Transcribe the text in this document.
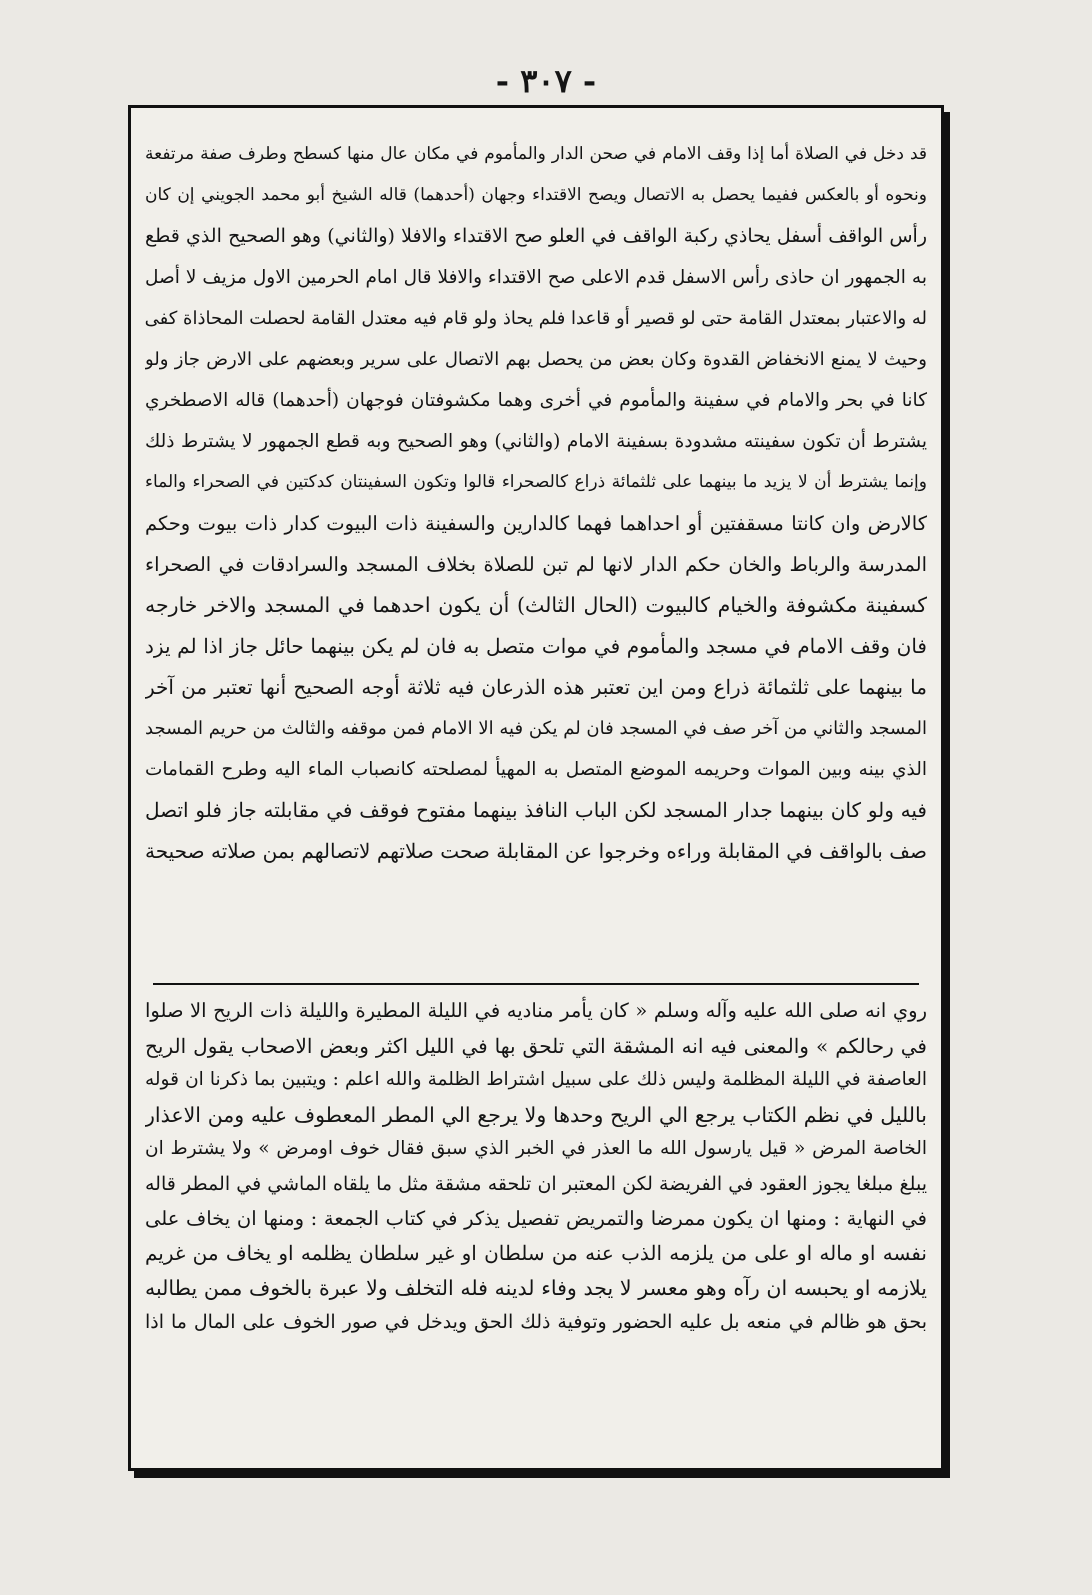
- ٣٠٧ -
قد دخل في الصلاة أما إذا وقف الامام في صحن الدار والمأموم في مكان عال منها كسطح وطرف صفة مرتفعة
ونحوه أو بالعكس ففيما يحصل به الاتصال ويصح الاقتداء وجهان (أحدهما) قاله الشيخ أبو محمد الجويني إن كان
رأس الواقف أسفل يحاذي ركبة الواقف في العلو صح الاقتداء والافلا (والثاني) وهو الصحيح الذي قطع
به الجمهور ان حاذى رأس الاسفل قدم الاعلى صح الاقتداء والافلا قال امام الحرمين الاول مزيف لا أصل
له والاعتبار بمعتدل القامة حتى لو قصير أو قاعدا فلم يحاذ ولو قام فيه معتدل القامة لحصلت المحاذاة كفى
وحيث لا يمنع الانخفاض القدوة وكان بعض من يحصل بهم الاتصال على سرير وبعضهم على الارض جاز ولو
كانا في بحر والامام في سفينة والمأموم في أخرى وهما مكشوفتان فوجهان (أحدهما) قاله الاصطخري
يشترط أن تكون سفينته مشدودة بسفينة الامام (والثاني) وهو الصحيح وبه قطع الجمهور لا يشترط ذلك
وإنما يشترط أن لا يزيد ما بينهما على ثلثمائة ذراع كالصحراء قالوا وتكون السفينتان كدكتين في الصحراء والماء
كالارض وان كانتا مسقفتين أو احداهما فهما كالدارين والسفينة ذات البيوت كدار ذات بيوت وحكم
المدرسة والرباط والخان حكم الدار لانها لم تبن للصلاة بخلاف المسجد والسرادقات في الصحراء
كسفينة مكشوفة والخيام كالبيوت (الحال الثالث) أن يكون احدهما في المسجد والاخر خارجه
فان وقف الامام في مسجد والمأموم في موات متصل به فان لم يكن بينهما حائل جاز اذا لم يزد
ما بينهما على ثلثمائة ذراع ومن اين تعتبر هذه الذرعان فيه ثلاثة أوجه الصحيح أنها تعتبر من آخر
المسجد والثاني من آخر صف في المسجد فان لم يكن فيه الا الامام فمن موقفه والثالث من حريم المسجد
الذي بينه وبين الموات وحريمه الموضع المتصل به المهيأ لمصلحته كانصباب الماء اليه وطرح القمامات
فيه ولو كان بينهما جدار المسجد لكن الباب النافذ بينهما مفتوح فوقف في مقابلته جاز فلو اتصل
صف بالواقف في المقابلة وراءه وخرجوا عن المقابلة صحت صلاتهم لاتصالهم بمن صلاته صحيحة
روي انه صلى الله عليه وآله وسلم « كان يأمر مناديه في الليلة المطيرة والليلة ذات الريح الا صلوا
في رحالكم » والمعنى فيه انه المشقة التي تلحق بها في الليل اكثر وبعض الاصحاب يقول الريح
العاصفة في الليلة المظلمة وليس ذلك على سبيل اشتراط الظلمة والله اعلم : ويتبين بما ذكرنا ان قوله
بالليل في نظم الكتاب يرجع الي الريح وحدها ولا يرجع الي المطر المعطوف عليه ومن الاعذار
الخاصة المرض « قيل يارسول الله ما العذر في الخبر الذي سبق فقال خوف اومرض » ولا يشترط ان
يبلغ مبلغا يجوز العقود في الفريضة لكن المعتبر ان تلحقه مشقة مثل ما يلقاه الماشي في المطر قاله
في النهاية : ومنها ان يكون ممرضا والتمريض تفصيل يذكر في كتاب الجمعة : ومنها ان يخاف على
نفسه او ماله او على من يلزمه الذب عنه من سلطان او غير سلطان يظلمه او يخاف من غريم
يلازمه او يحبسه ان رآه وهو معسر لا يجد وفاء لدينه فله التخلف ولا عبرة بالخوف ممن يطالبه
بحق هو ظالم في منعه بل عليه الحضور وتوفية ذلك الحق ويدخل في صور الخوف على المال ما اذا
